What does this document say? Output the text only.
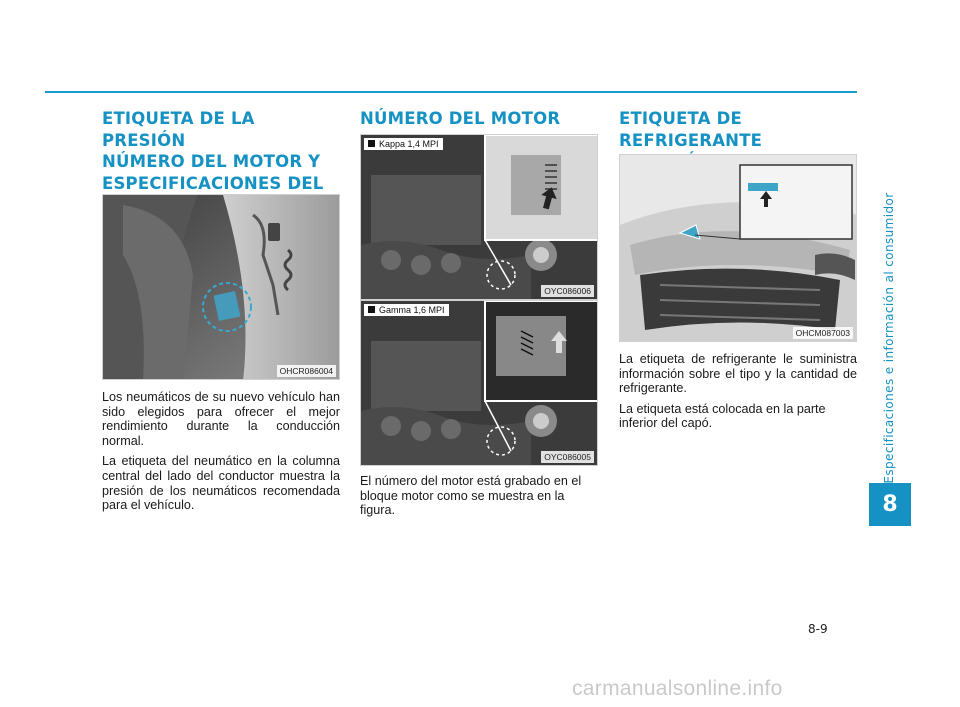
ETIQUETA DE LA PRESIÓN
NÚMERO DEL MOTOR Y
ESPECIFICACIONES DEL

OHCR086004

Los neumáticos de su nuevo vehículo han sido elegidos para ofrecer el mejor rendimiento durante la conducción normal.

La etiqueta del neumático en la columna central del lado del conductor muestra la presión de los neumáticos recomendada para el vehículo.

NÚMERO DEL MOTOR
Kappa 1,4 MPI
OYC086006
Gamma 1,6 MPI
OYC086005

El número del motor está grabado en el bloque motor como se muestra en la figura.

ETIQUETA DE REFRIGERANTE

OHCM087003

La etiqueta de refrigerante le suministra información sobre el tipo y la cantidad de refrigerante.

La etiqueta está colocada en la parte inferior del capó.	Especificaciones e información al consumidor
8
8-9
carmanualsonline.info
